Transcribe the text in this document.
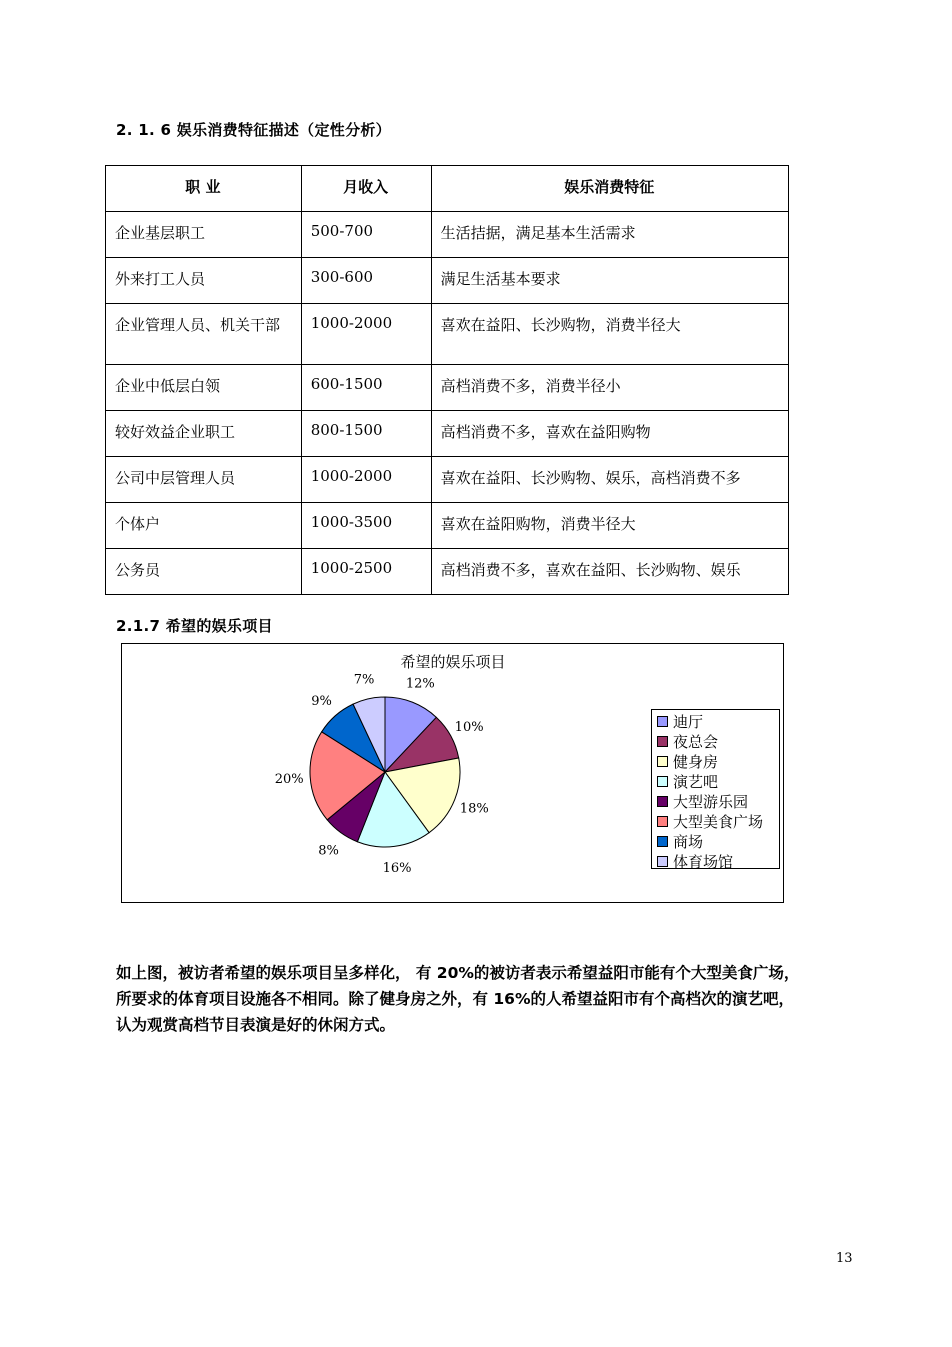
2. 1. 6 娱乐消费特征描述（定性分析）
职 业	月收入	娱乐消费特征
企业基层职工	500-700	生活拮据，满足基本生活需求
外来打工人员	300-600	满足生活基本要求
企业管理人员、机关干部	1000-2000	喜欢在益阳、长沙购物，消费半径大
企业中低层白领	600-1500	高档消费不多，消费半径小
较好效益企业职工	800-1500	高档消费不多，喜欢在益阳购物
公司中层管理人员	1000-2000	喜欢在益阳、长沙购物、娱乐，高档消费不多
个体户	1000-3500	喜欢在益阳购物，消费半径大
公务员	1000-2500	高档消费不多，喜欢在益阳、长沙购物、娱乐
2.1.7 希望的娱乐项目
希望的娱乐项目
12%
10%
18%
16%
8%
20%
9%
7%
迪厅
夜总会
健身房
演艺吧
大型游乐园
大型美食广场
商场
体育场馆
如上图，被访者希望的娱乐项目呈多样化， 有 20%的被访者表示希望益阳市能有个大型美食广场，
所要求的体育项目设施各不相同。除了健身房之外，有 16%的人希望益阳市有个高档次的演艺吧，
认为观赏高档节目表演是好的休闲方式。
13
